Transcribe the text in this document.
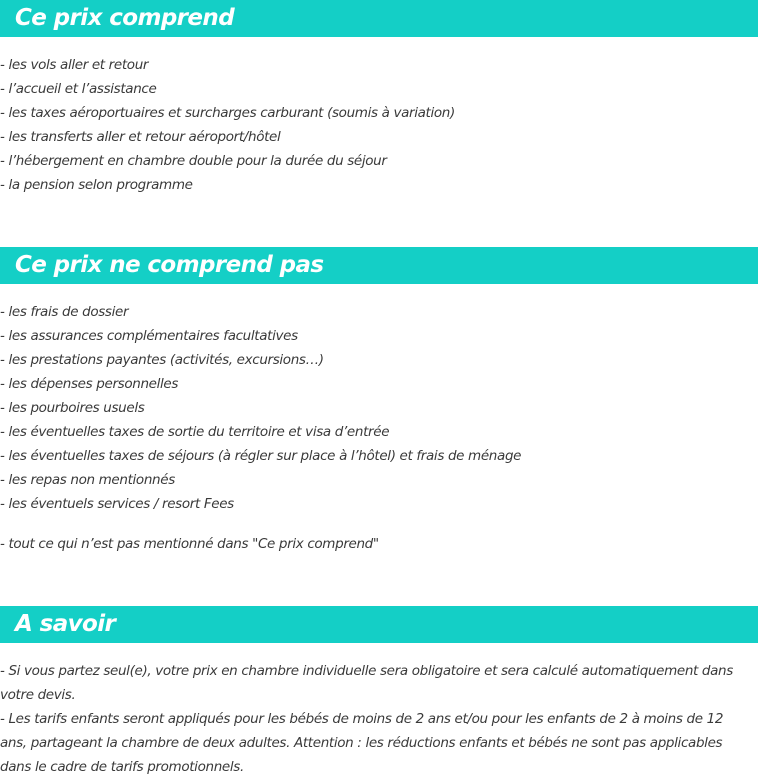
Ce prix comprend
- les vols aller et retour
- l’accueil et l’assistance
- les taxes aéroportuaires et surcharges carburant (soumis à variation)
- les transferts aller et retour aéroport/hôtel
- l’hébergement en chambre double pour la durée du séjour
- la pension selon programme
Ce prix ne comprend pas
- les frais de dossier
- les assurances complémentaires facultatives
- les prestations payantes (activités, excursions…)
- les dépenses personnelles
- les pourboires usuels
- les éventuelles taxes de sortie du territoire et visa d’entrée
- les éventuelles taxes de séjours (à régler sur place à l’hôtel) et frais de ménage
- les repas non mentionnés
- les éventuels services / resort Fees

- tout ce qui n’est pas mentionné dans "Ce prix comprend"

A savoir

- Si vous partez seul(e), votre prix en chambre individuelle sera obligatoire et sera calculé automatiquement dans votre devis.

- Les tarifs enfants seront appliqués pour les bébés de moins de 2 ans et/ou pour les enfants de 2 à moins de 12 ans, partageant la chambre de deux adultes. Attention : les réductions enfants et bébés ne sont pas applicables dans le cadre de tarifs promotionnels.
